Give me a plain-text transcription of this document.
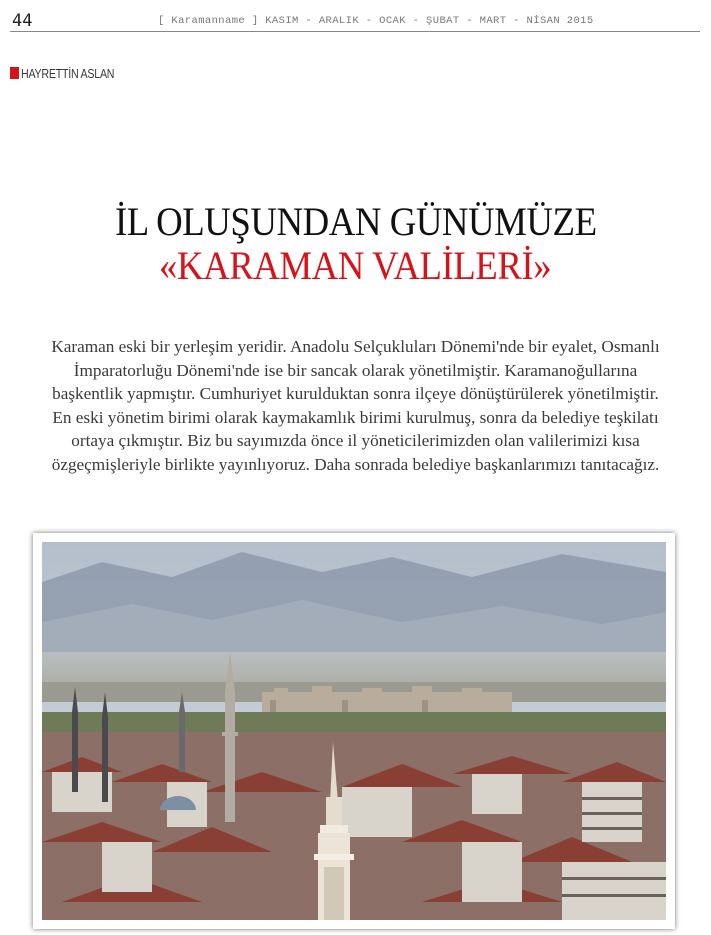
44	[ Karamanname ] KASIM - ARALIK - OCAK - ŞUBAT - MART - NİSAN 2015
HAYRETTİN ASLAN
İL OLUŞUNDAN GÜNÜMÜZE
«KARAMAN VALİLERİ»
Karaman eski bir yerleşim yeridir. Anadolu Selçukluları Dönemi'nde bir eyalet, Osmanlı
İmparatorluğu Dönemi'nde ise bir sancak olarak yönetilmiştir. Karamanoğullarına
başkentlik yapmıştır. Cumhuriyet kurulduktan sonra ilçeye dönüştürülerek yönetilmiştir.
En eski yönetim birimi olarak kaymakamlık birimi kurulmuş, sonra da belediye teşkilatı
ortaya çıkmıştır. Biz bu sayımızda önce il yöneticilerimizden olan valilerimizi kısa
özgeçmişleriyle birlikte yayınlıyoruz. Daha sonrada belediye başkanlarımızı tanıtacağız.
